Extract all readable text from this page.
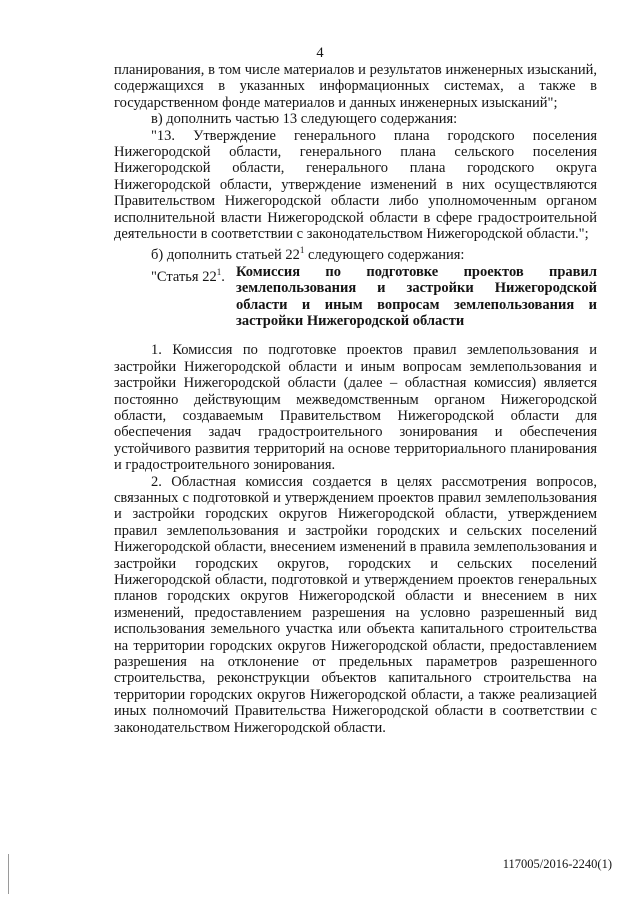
4

планирования, в том числе материалов и результатов инженерных изысканий, содержащихся в указанных информационных системах, а также в государственном фонде материалов и данных инженерных изысканий";

в) дополнить частью 13 следующего содержания:

"13. Утверждение генерального плана городского поселения Нижегородской области, генерального плана сельского поселения Нижегородской области, генерального плана городского округа Нижегородской области, утверждение изменений в них осуществляются Правительством Нижегородской области либо уполномоченным органом исполнительной власти Нижегородской области в сфере градостроительной деятельности в соответствии с законодательством Нижегородской области.";

б) дополнить статьей $22^1$ следующего содержания:

"Статья $22^1$. Комиссия по подготовке проектов правил землепользования и застройки Нижегородской области и иным вопросам землепользования и застройки Нижегородской области

1. Комиссия по подготовке проектов правил землепользования и застройки Нижегородской области и иным вопросам землепользования и застройки Нижегородской области (далее – областная комиссия) является постоянно действующим межведомственным органом Нижегородской области, создаваемым Правительством Нижегородской области для обеспечения задач градостроительного зонирования и обеспечения устойчивого развития территорий на основе территориального планирования и градостроительного зонирования.

2. Областная комиссия создается в целях рассмотрения вопросов, связанных с подготовкой и утверждением проектов правил землепользования и застройки городских округов Нижегородской области, утверждением правил землепользования и застройки городских и сельских поселений Нижегородской области, внесением изменений в правила землепользования и застройки городских округов, городских и сельских поселений Нижегородской области, подготовкой и утверждением проектов генеральных планов городских округов Нижегородской области и внесением в них изменений, предоставлением разрешения на условно разрешенный вид использования земельного участка или объекта капитального строительства на территории городских округов Нижегородской области, предоставлением разрешения на отклонение от предельных параметров разрешенного строительства, реконструкции объектов капитального строительства на территории городских округов Нижегородской области, а также реализацией иных полномочий Правительства Нижегородской области в соответствии с законодательством Нижегородской области.

117005/2016-2240(1)
